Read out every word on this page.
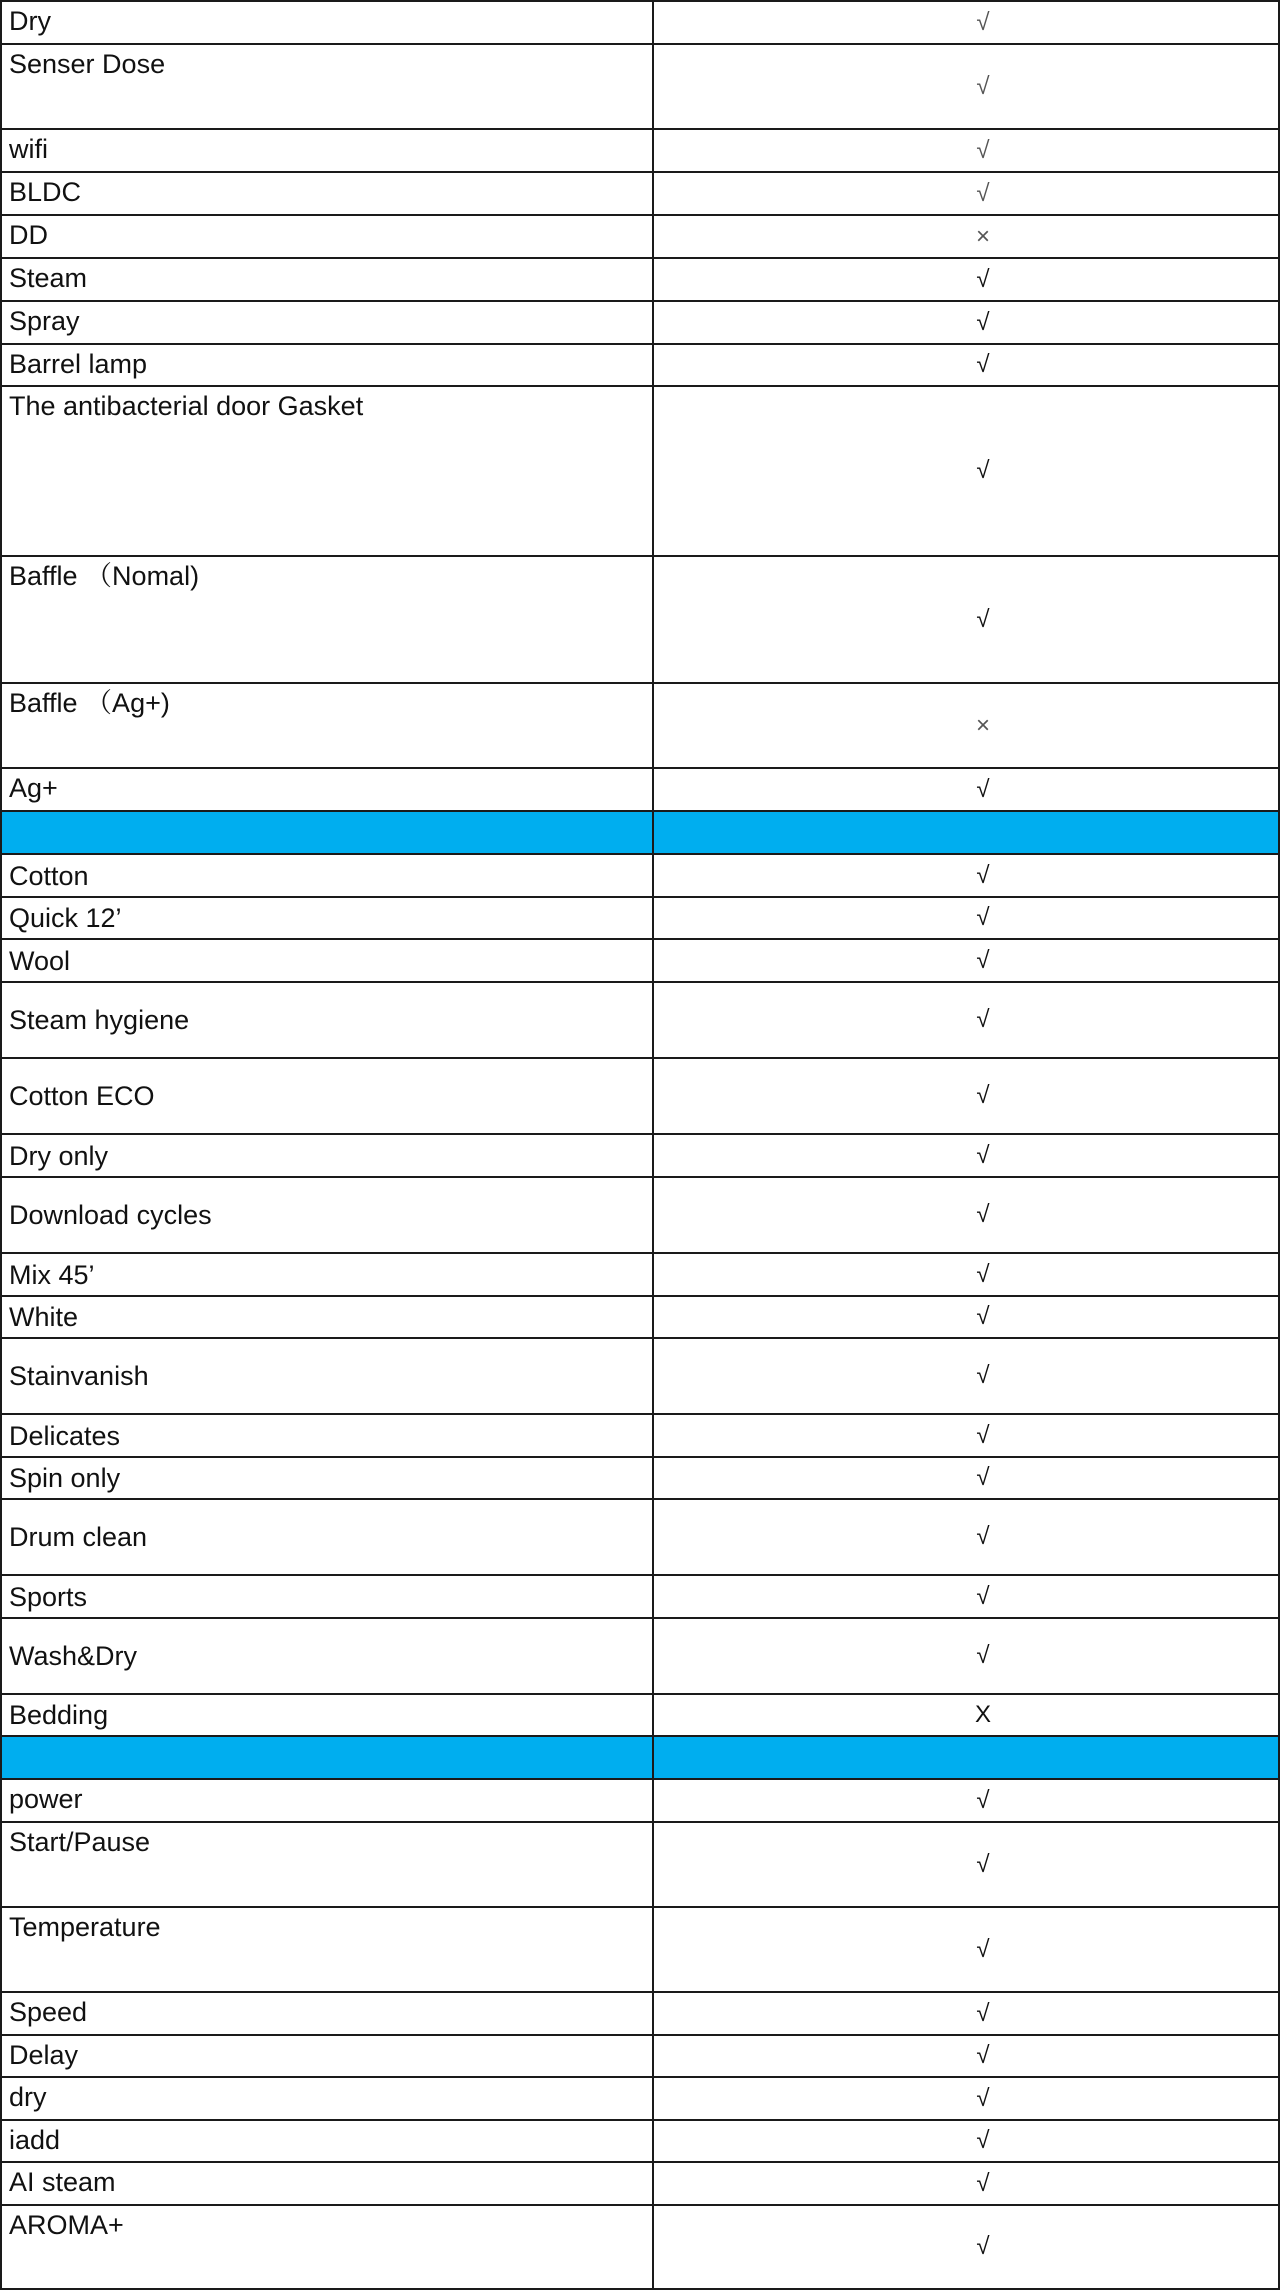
Dry	√
Senser Dose	√
wifi	√
BLDC	√
DD	×
Steam	√
Spray	√
Barrel lamp	√
The antibacterial door Gasket	√
Baffle （Nomal)	√
Baffle （Ag+)	×
Ag+	√

Cotton	√
Quick 12’	√
Wool	√
Steam hygiene	√
Cotton ECO	√
Dry only	√
Download cycles	√
Mix 45’	√
White	√
Stainvanish	√
Delicates	√
Spin only	√
Drum clean	√
Sports	√
Wash&Dry	√
Bedding	X

power	√
Start/Pause	√
Temperature	√
Speed	√
Delay	√
dry	√
iadd	√
AI steam	√
AROMA+	√
